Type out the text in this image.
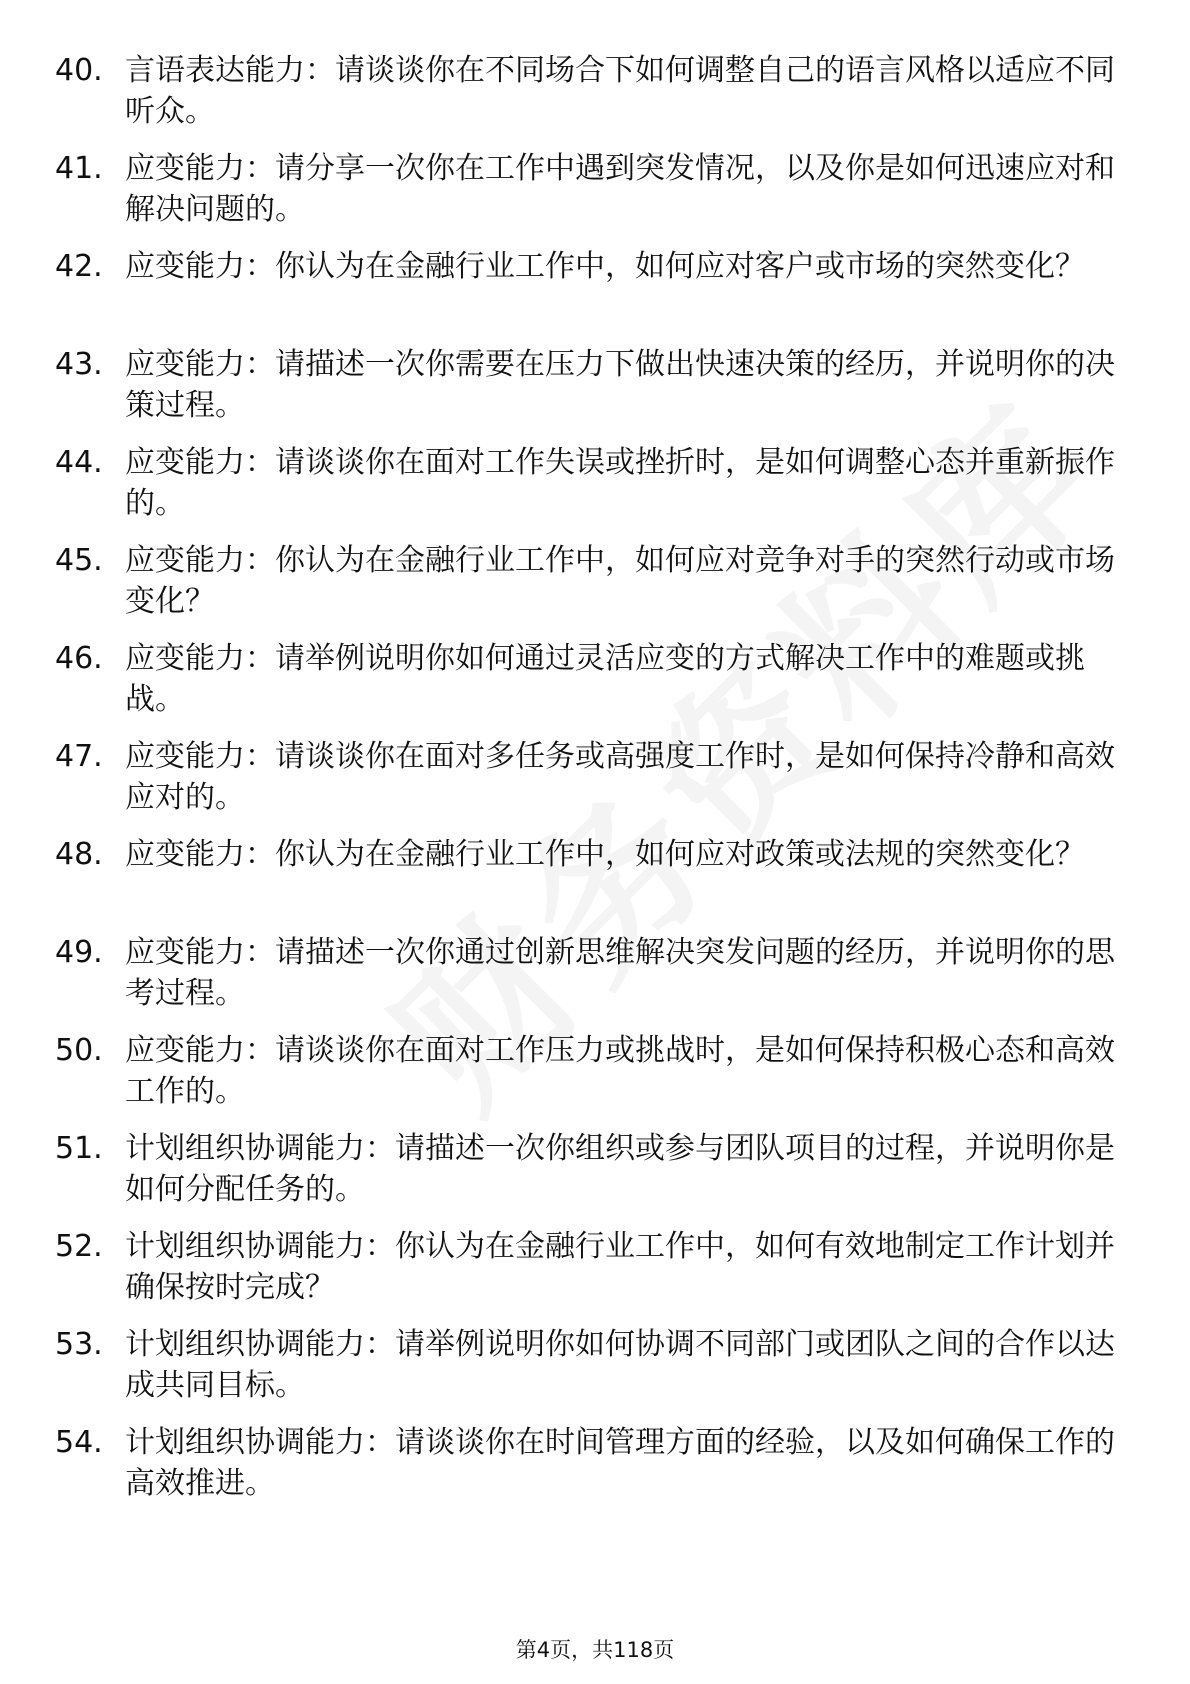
40. 言语表达能力：请谈谈你在不同场合下如何调整自己的语言风格以适应不同听众。
41. 应变能力：请分享一次你在工作中遇到突发情况，以及你是如何迅速应对和解决问题的。
42. 应变能力：你认为在金融行业工作中，如何应对客户或市场的突然变化？
43. 应变能力：请描述一次你需要在压力下做出快速决策的经历，并说明你的决策过程。
44. 应变能力：请谈谈你在面对工作失误或挫折时，是如何调整心态并重新振作的。
45. 应变能力：你认为在金融行业工作中，如何应对竞争对手的突然行动或市场变化？
46. 应变能力：请举例说明你如何通过灵活应变的方式解决工作中的难题或挑战。
47. 应变能力：请谈谈你在面对多任务或高强度工作时，是如何保持冷静和高效应对的。
48. 应变能力：你认为在金融行业工作中，如何应对政策或法规的突然变化？
49. 应变能力：请描述一次你通过创新思维解决突发问题的经历，并说明你的思考过程。
50. 应变能力：请谈谈你在面对工作压力或挑战时，是如何保持积极心态和高效工作的。
51. 计划组织协调能力：请描述一次你组织或参与团队项目的过程，并说明你是如何分配任务的。
52. 计划组织协调能力：你认为在金融行业工作中，如何有效地制定工作计划并确保按时完成？
53. 计划组织协调能力：请举例说明你如何协调不同部门或团队之间的合作以达成共同目标。
54. 计划组织协调能力：请谈谈你在时间管理方面的经验，以及如何确保工作的高效推进。
第4页，共118页
